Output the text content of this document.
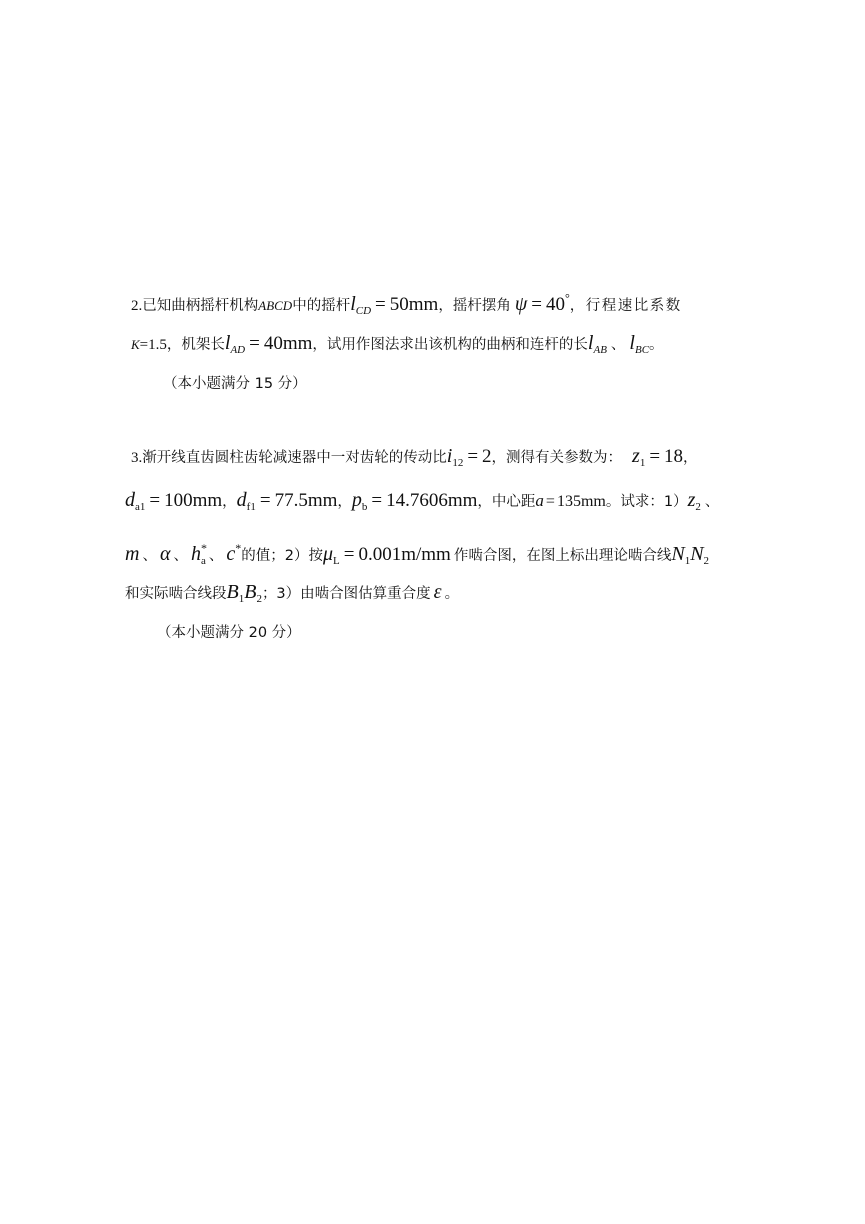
2.已知曲柄摇杆机构ABCD中的摇杆$l_{CD} = 50mm$，摇杆摆角 ψ = 40°，行程速比系数
K=1.5，机架长$l_{AD} = 40mm$，试用作图法求出该机构的曲柄和连杆的长$l_{AB}$ 、 $l_{BC}$。
（本小题满分 15 分）
3.渐开线直齿圆柱齿轮减速器中一对齿轮的传动比$i_{12} = 2$，测得有关参数为： $z_1 = 18$，
$d_{a1} = 100mm$，$d_{f1} = 77.5mm$，$p_b = 14.7606mm$，中心距a = 135mm。试求：$1)z_2$ 、
m 、 α 、 $h^*_a$ 、 c*的值；2）按$\mu_L = 0.001m/mm$ 作啮合图，在图上标出理论啮合线$N_1N_2$
和实际啮合线段$B_1B_2$；3）由啮合图估算重合度 ε 。
（本小题满分 20 分）
